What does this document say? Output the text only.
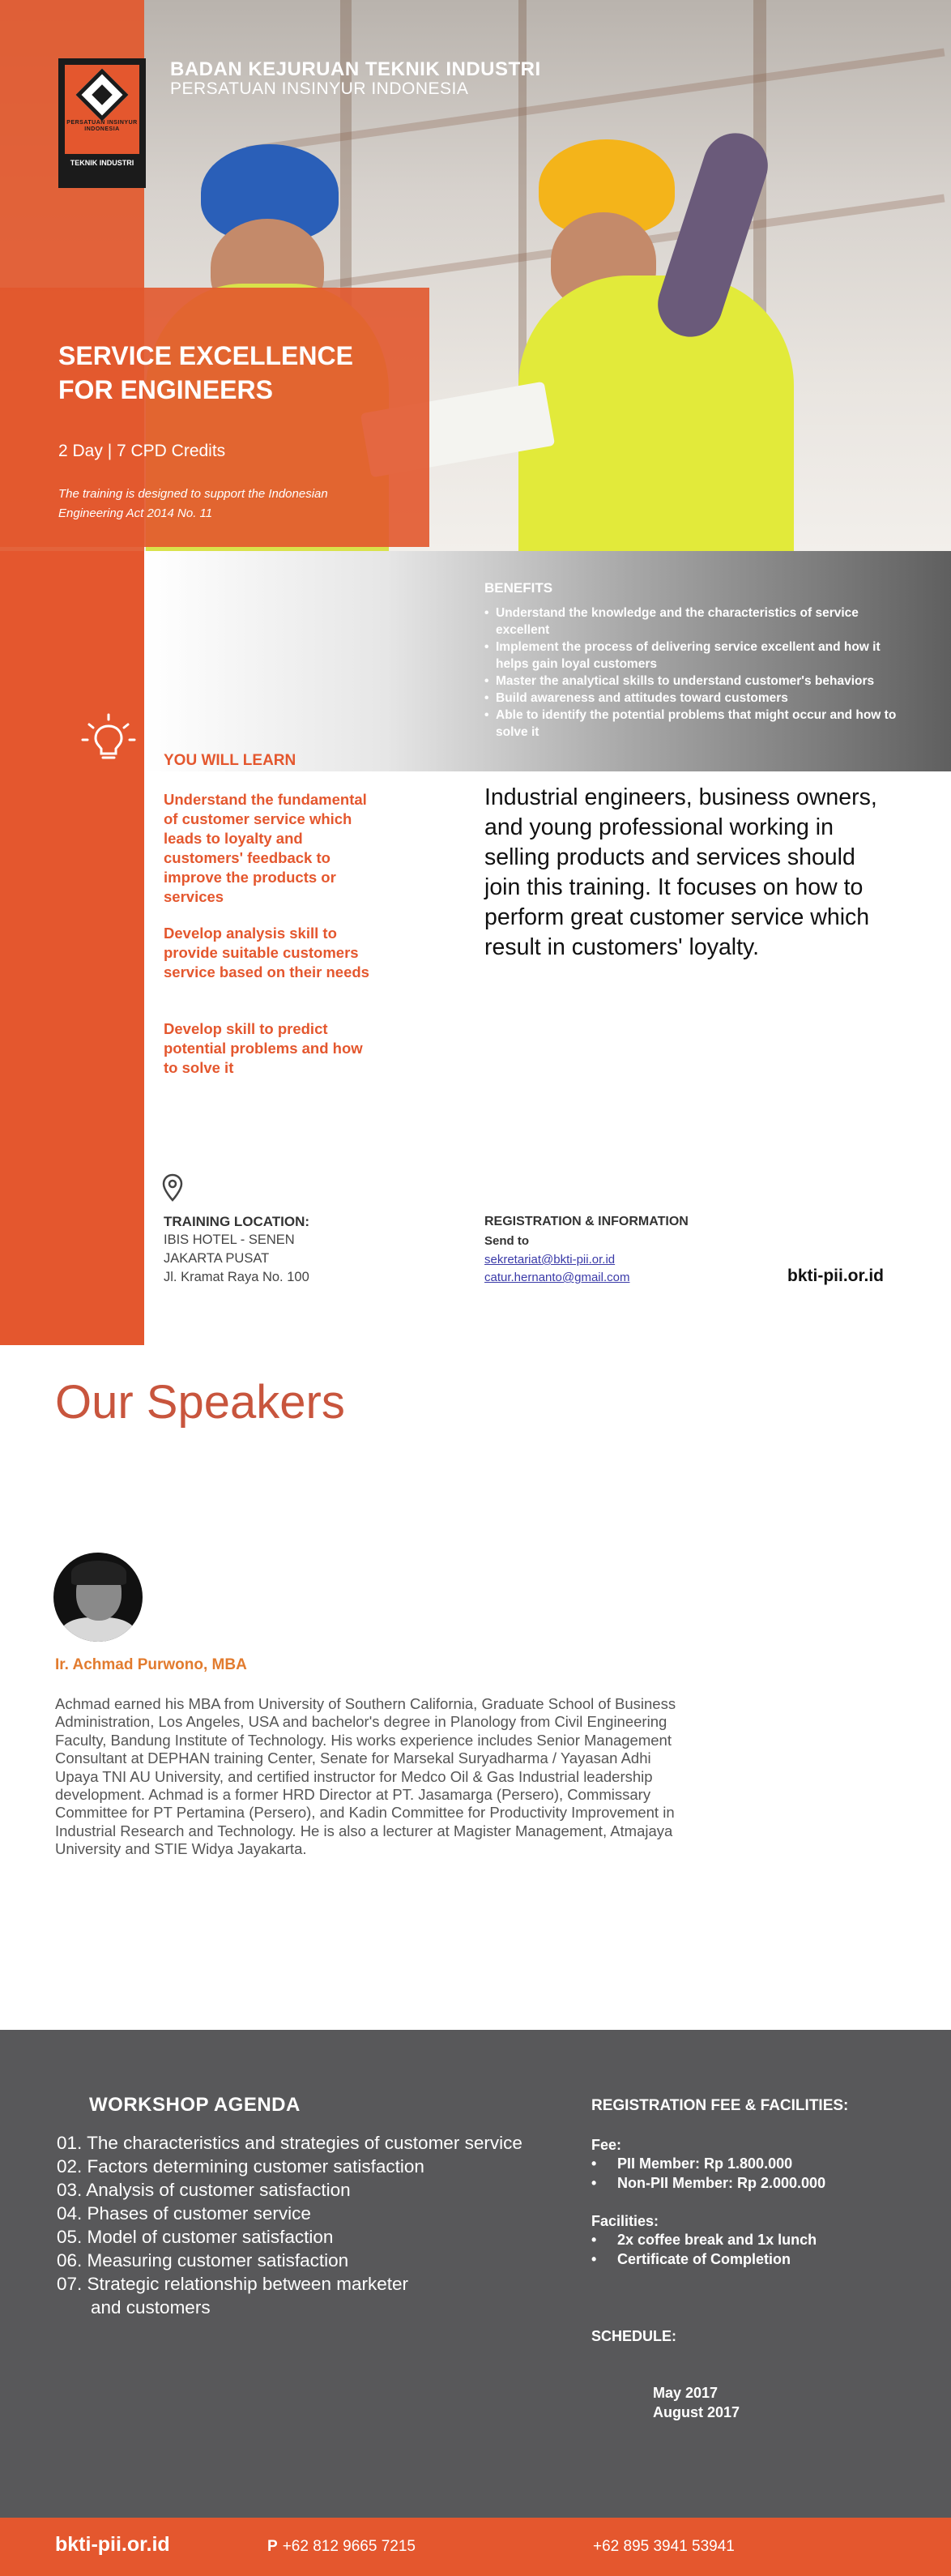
PERSATUAN INSINYUR INDONESIA
TEKNIK INDUSTRI
BADAN KEJURUAN TEKNIK INDUSTRI
PERSATUAN INSINYUR INDONESIA
SERVICE EXCELLENCE
FOR ENGINEERS
2 Day | 7 CPD Credits
The training is designed to support the Indonesian
Engineering Act 2014 No. 11
BENEFITS
• Understand the knowledge and the characteristics of service excellent
• Implement the process of delivering service excellent and how it helps gain loyal customers
• Master the analytical skills to understand customer's behaviors
• Build awareness and attitudes toward customers
• Able to identify the potential problems that might occur and how to solve it
YOU WILL LEARN
Understand the fundamental of customer service which leads to loyalty and customers' feedback to improve the products or services
Develop analysis skill to provide suitable customers service based on their needs
Develop skill to predict potential problems and how to solve it
Industrial engineers, business owners, and young professional working in selling products and services should join this training. It focuses on how to perform great customer service which result in customers' loyalty.
TRAINING LOCATION:
IBIS HOTEL - SENEN
JAKARTA PUSAT
Jl. Kramat Raya No. 100
REGISTRATION & INFORMATION
Send to
sekretariat@bkti-pii.or.id
catur.hernanto@gmail.com	bkti-pii.or.id
Our Speakers
Ir. Achmad Purwono, MBA
Achmad earned his MBA from University of Southern California, Graduate School of Business Administration, Los Angeles, USA and bachelor's degree in Planology from Civil Engineering Faculty, Bandung Institute of Technology. His works experience includes Senior Management Consultant at DEPHAN training Center, Senate for Marsekal Suryadharma / Yayasan Adhi Upaya TNI AU University, and certified instructor for Medco Oil & Gas Industrial leadership development. Achmad is a former HRD Director at PT. Jasamarga (Persero), Commissary Committee for PT Pertamina (Persero), and Kadin Committee for Productivity Improvement in Industrial Research and Technology. He is also a lecturer at Magister Management, Atmajaya University and STIE Widya Jayakarta.
WORKSHOP AGENDA
01. The characteristics and strategies of customer service
02. Factors determining customer satisfaction
03. Analysis of customer satisfaction
04. Phases of customer service
05. Model of customer satisfaction
06. Measuring customer satisfaction
07. Strategic relationship between marketer
and customers
REGISTRATION FEE & FACILITIES:
Fee:
• PII Member: Rp 1.800.000
• Non-PII Member: Rp 2.000.000
Facilities:
• 2x coffee break and 1x lunch
• Certificate of Completion
SCHEDULE:
May 2017
August 2017
bkti-pii.or.id	P +62 812 9665 7215	+62 895 3941 53941
